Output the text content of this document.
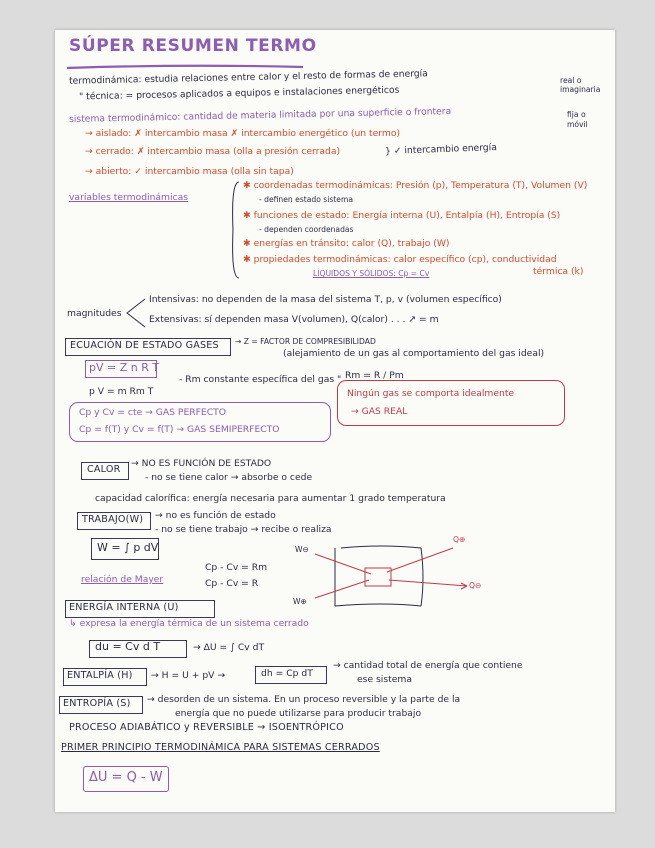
SÚPER RESUMEN TERMO
termodinámica: estudia relaciones entre calor y el resto de formas de energía
" técnica: = procesos aplicados a equipos e instalaciones energéticos
real o imaginaria
sistema termodinámico: cantidad de materia limitada por una superficie o frontera	fija o móvil
→ aislado: ✗ intercambio masa ✗ intercambio energético (un termo)
→ cerrado: ✗ intercambio masa (olla a presión cerrada)
→ abierto: ✓ intercambio masa (olla sin tapa)
} ✓ intercambio energía
variables termodinámicas
✱ coordenadas termodinámicas: Presión (p), Temperatura (T), Volumen (V)
- definen estado sistema
✱ funciones de estado: Energía interna (U), Entalpía (H), Entropía (S)
- dependen coordenadas
✱ energías en tránsito: calor (Q), trabajo (W)
✱ propiedades termodinámicas: calor específico (cp), conductividad
térmica (k)
LÍQUIDOS Y SÓLIDOS: Cp = Cv
magnitudes
Intensivas: no dependen de la masa del sistema T, p, v (volumen específico)
Extensivas: sí dependen masa V(volumen), Q(calor) . . . ↗ = m
ECUACIÓN DE ESTADO GASES → Z = FACTOR DE COMPRESIBILIDAD
(alejamiento de un gas al comportamiento del gas ideal)
pV = Z n R T
p V = m Rm T
- Rm constante específica del gas " Rm = R / Pm
Cp y Cv = cte → GAS PERFECTO
Cp = f(T) y Cv = f(T) → GAS SEMIPERFECTO
Ningún gas se comporta idealmente
→ GAS REAL
CALOR
→ NO ES FUNCIÓN DE ESTADO
- no se tiene calor → absorbe o cede
capacidad calorífica: energía necesaria para aumentar 1 grado temperatura
TRABAJO(W) → no es función de estado
- no se tiene trabajo → recibe o realiza
W = ∫ p dV
relación de Mayer
Cp - Cv = Rm
Cp - Cv = R
W⊖
W⊕
Q⊕
Q⊖
ENERGÍA INTERNA (U)
↳ expresa la energía térmica de un sistema cerrado
du = Cv d T	→ ΔU = ∫ Cv dT
ENTALPÍA (H) → H = U + pV →	dh = Cp dT
→ cantidad total de energía que contiene
ese sistema
ENTROPÍA (S) → desorden de un sistema. En un proceso reversible y la parte de la
energía que no puede utilizarse para producir trabajo
PROCESO ADIABÁTICO y REVERSIBLE → ISOENTRÓPICO
PRIMER PRINCIPIO TERMODINÁMICA PARA SISTEMAS CERRADOS
ΔU = Q - W
